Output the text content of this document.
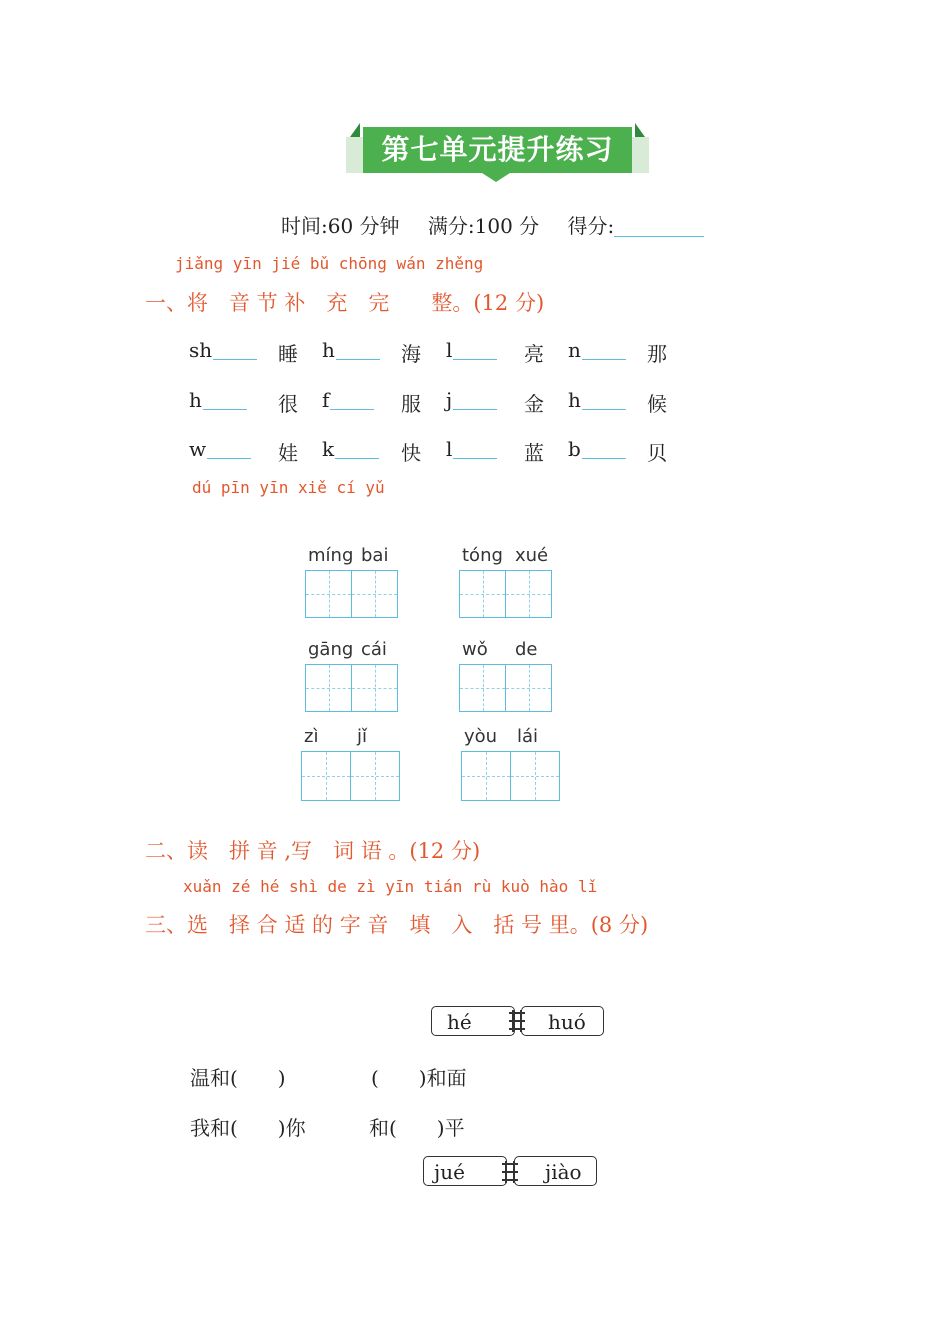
第七单元提升练习
时间:60 分钟 满分:100 分 得分:
jiǎng yīn jié bǔ chōng wán zhěng
一、将　音 节 补　充　完　　整。(12 分)
sh	睡 h	海 l	亮 n	那
h	很 f	服 j	金 h	候
w	娃 k	快 l	蓝 b	贝
dú pīn yīn xiě cí yǔ
míng bai	tóng xué
gāng cái	wǒ de
zì jǐ	yòu lái
二、读　拼 音 ,写　词 语 。(12 分)
xuǎn zé hé shì de zì yīn tián rù kuò hào lǐ
三、选　择 合 适 的 字 音　填　入　括 号 里。(8 分)
hé	huó
温和(　　)	(　　)和面
我和(　　)你	和(　　)平
jué	jiào
